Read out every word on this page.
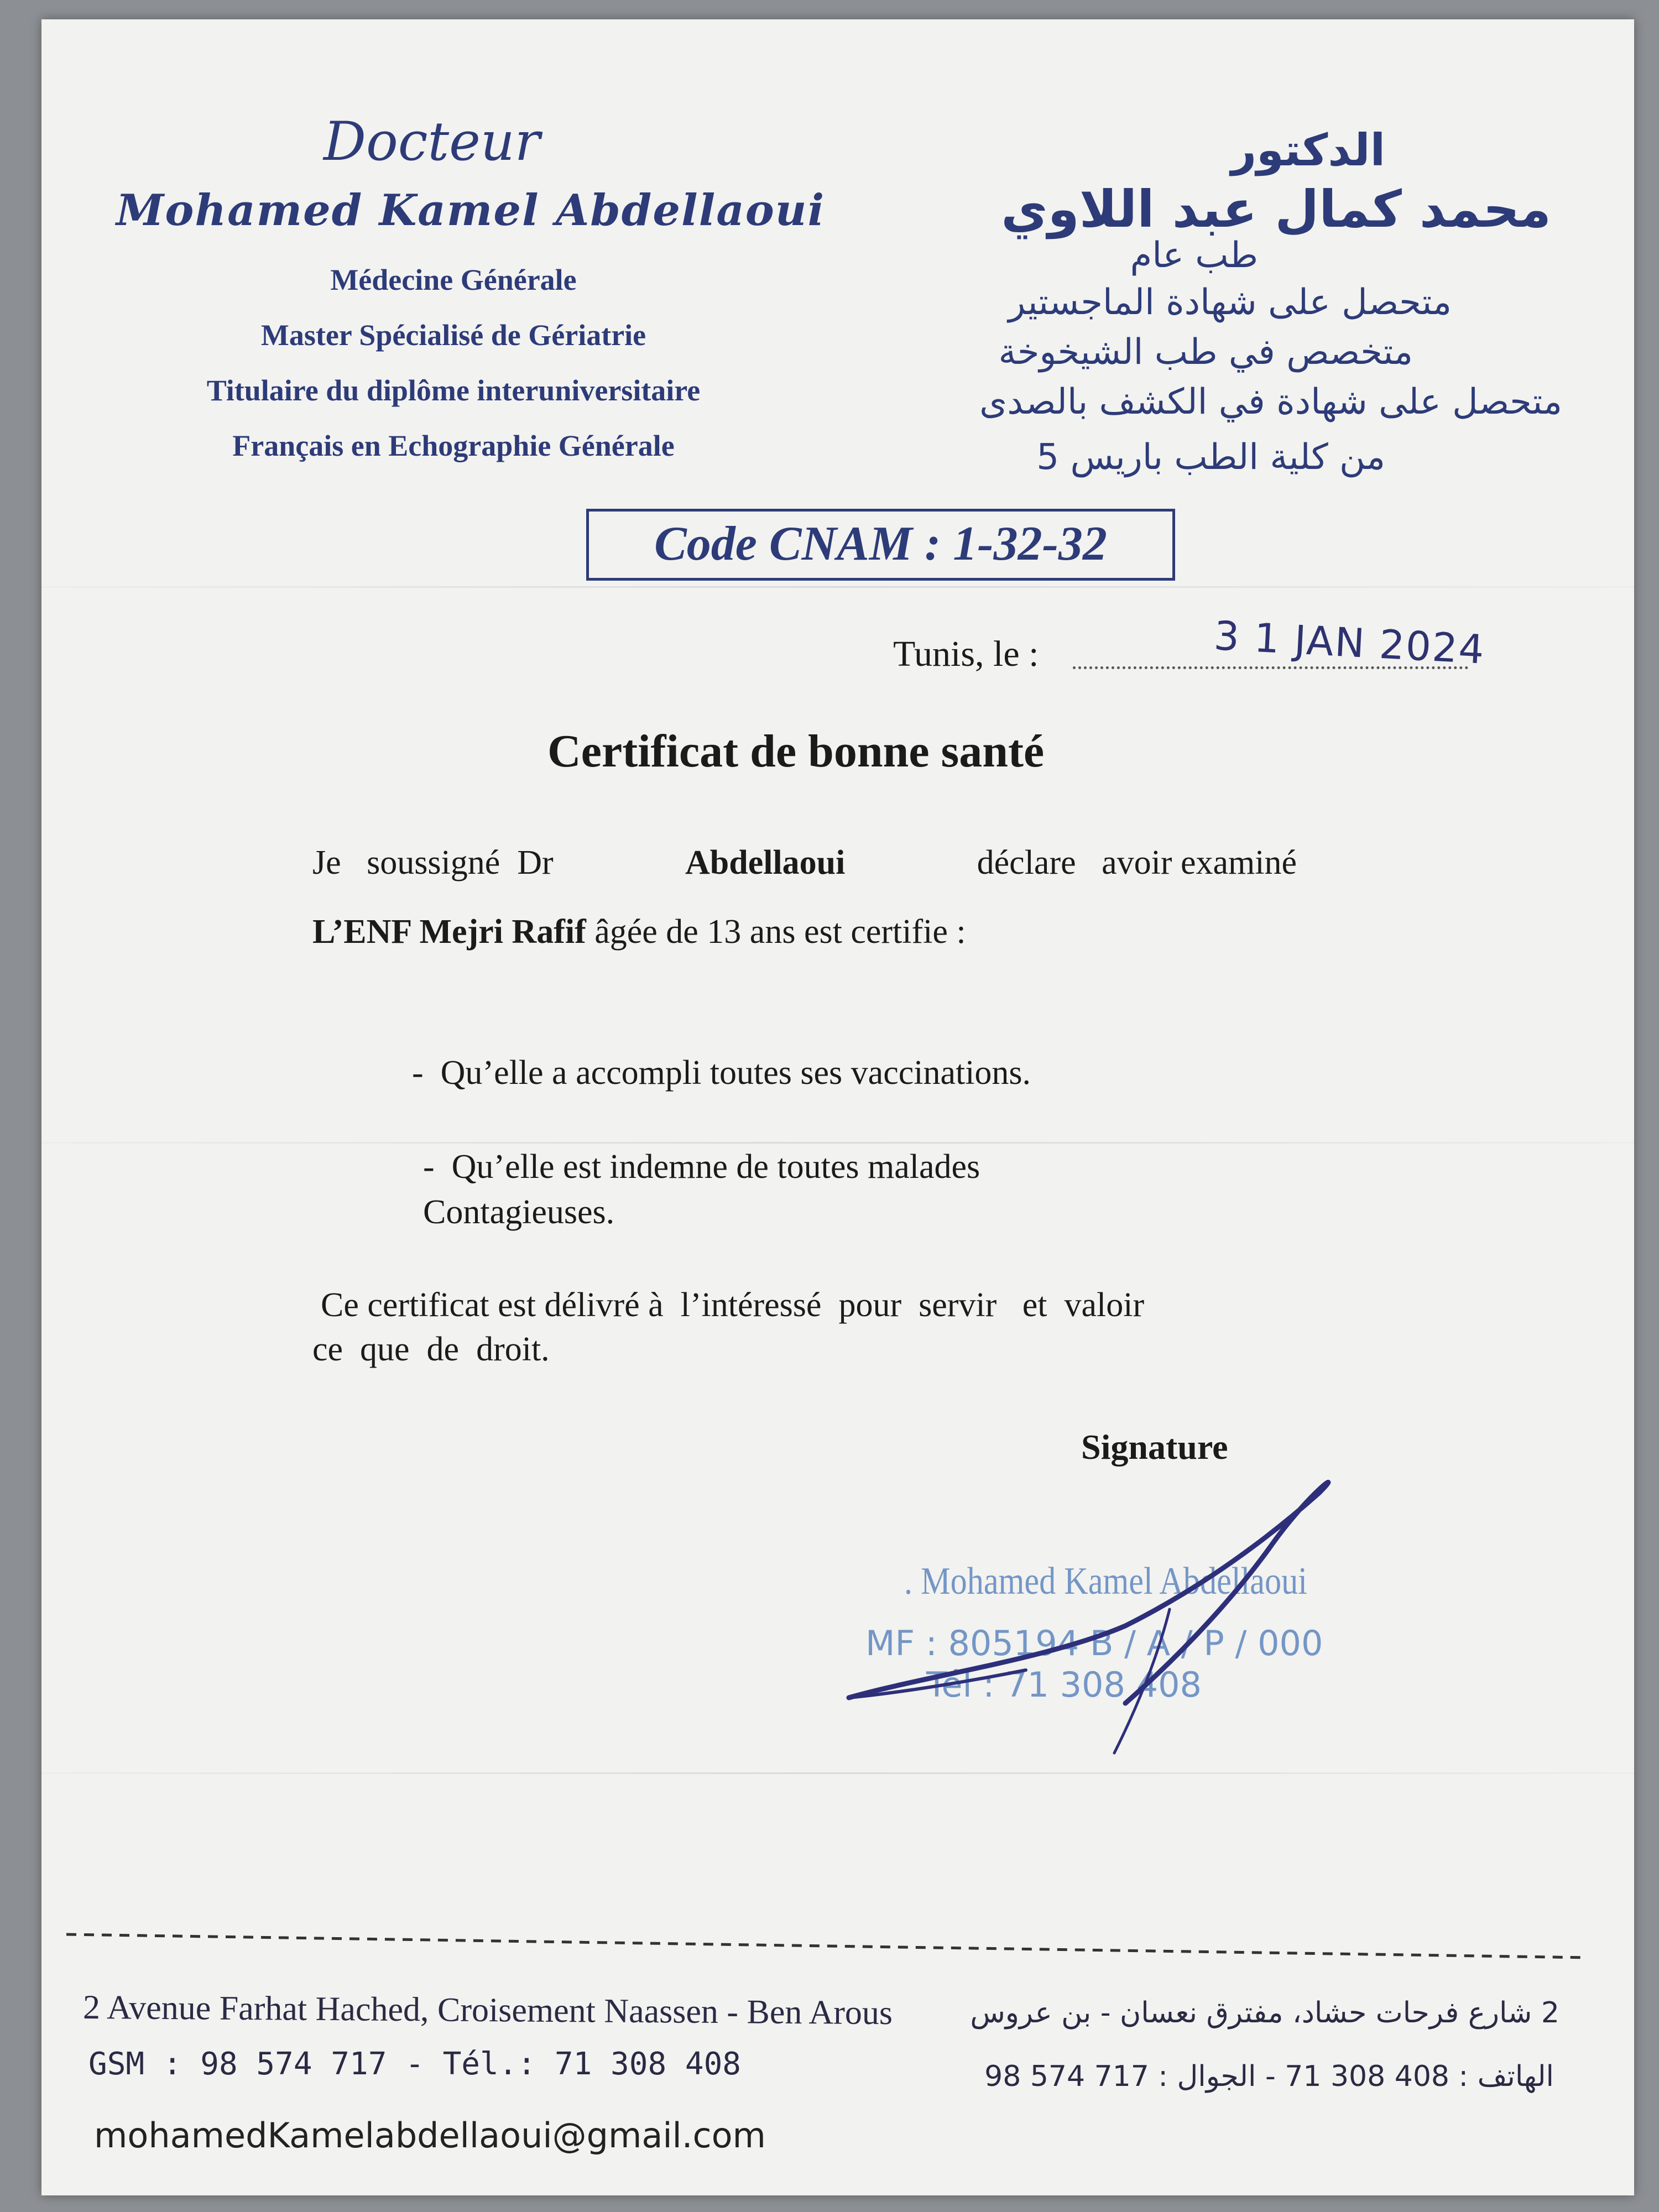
Docteur
Mohamed Kamel Abdellaoui
Médecine Générale
Master Spécialisé de Gériatrie
Titulaire du diplôme interuniversitaire
Français en Echographie Générale
الدكتور
محمد كمال عبد اللاوي
طب عام
متحصل على شهادة الماجستير
متخصص في طب الشيخوخة
متحصل على شهادة في الكشف بالصدى
من كلية الطب باريس 5
Code CNAM : 1-32-32
Tunis, le :	3 1 JAN 2024
Certificat de bonne santé
Je   soussigné  Dr	Abdellaoui	déclare   avoir examiné
L’ENF Mejri Rafif âgée de 13 ans est certifie :
-  Qu’elle a accompli toutes ses vaccinations.
-  Qu’elle est indemne de toutes malades
Contagieuses.
Ce certificat est délivré à  l’intéressé  pour  servir   et  valoir
ce  que  de  droit.
Signature
. Mohamed Kamel Abdellaoui
MF : 805194 B / A / P / 000
Tél : 71 308 408
2 Avenue Farhat Hached, Croisement Naassen - Ben Arous
GSM : 98 574 717 - Tél.: 71 308 408
mohamedKamelabdellaoui@gmail.com
2 شارع فرحات حشاد، مفترق نعسان - بن عروس
الهاتف : 408 308 71 - الجوال : 717 574 98
